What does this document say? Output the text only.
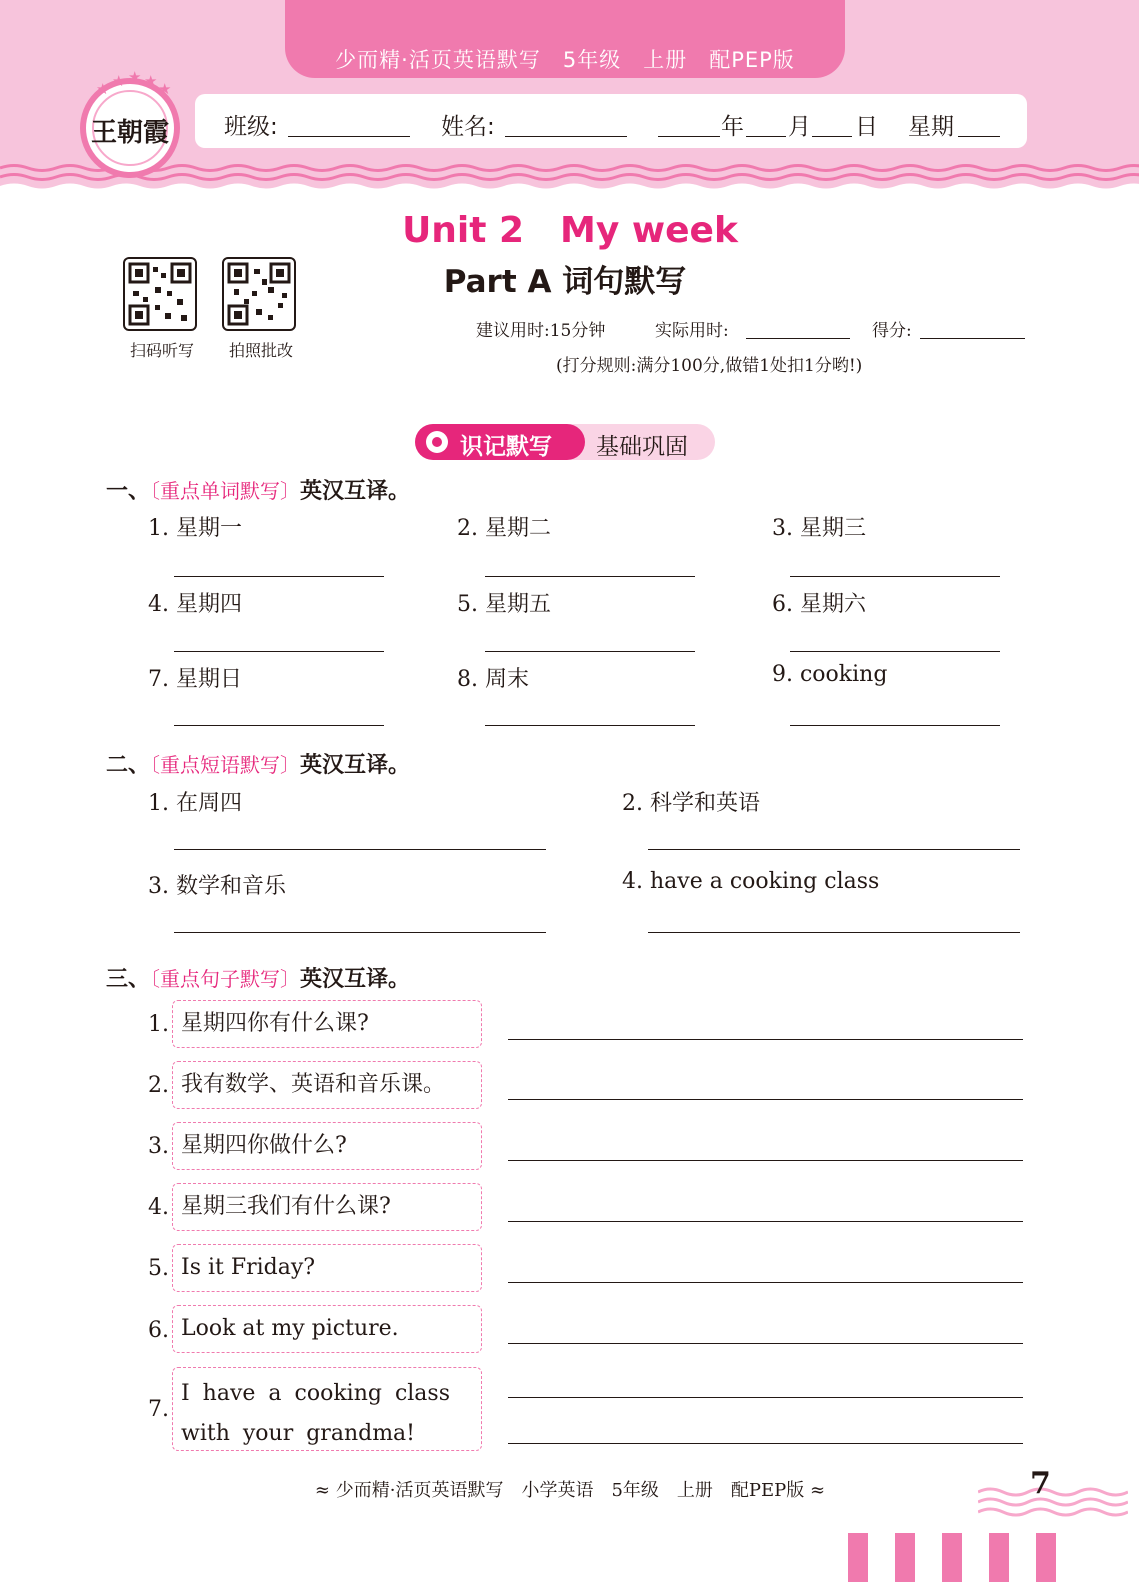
少而精·活页英语默写　5年级　上册　配PEP版
王朝霞
★ ★ ★ ★ ★
班级:	姓名:	年 月 日 星期
Unit 2　My week
Part A 词句默写
扫码听写	拍照批改
建议用时:15分钟	实际用时:	得分:
(打分规则:满分100分,做错1处扣1分哟!)
识记默写 基础巩固
一、〔重点单词默写〕英汉互译。
1. 星期一	2. 星期二	3. 星期三
4. 星期四	5. 星期五	6. 星期六
7. 星期日	8. 周末	9. cooking
二、〔重点短语默写〕英汉互译。
1. 在周四	2. 科学和英语
3. 数学和音乐	4. have a cooking class
三、〔重点句子默写〕英汉互译。
1. 星期四你有什么课?
2. 我有数学、英语和音乐课。
3. 星期四你做什么?
4. 星期三我们有什么课?
5. Is it Friday?
6. Look at my picture.
7.
I have a cooking class with your grandma!
≈ 少而精·活页英语默写　小学英语　5年级　上册　配PEP版 ≈	7
